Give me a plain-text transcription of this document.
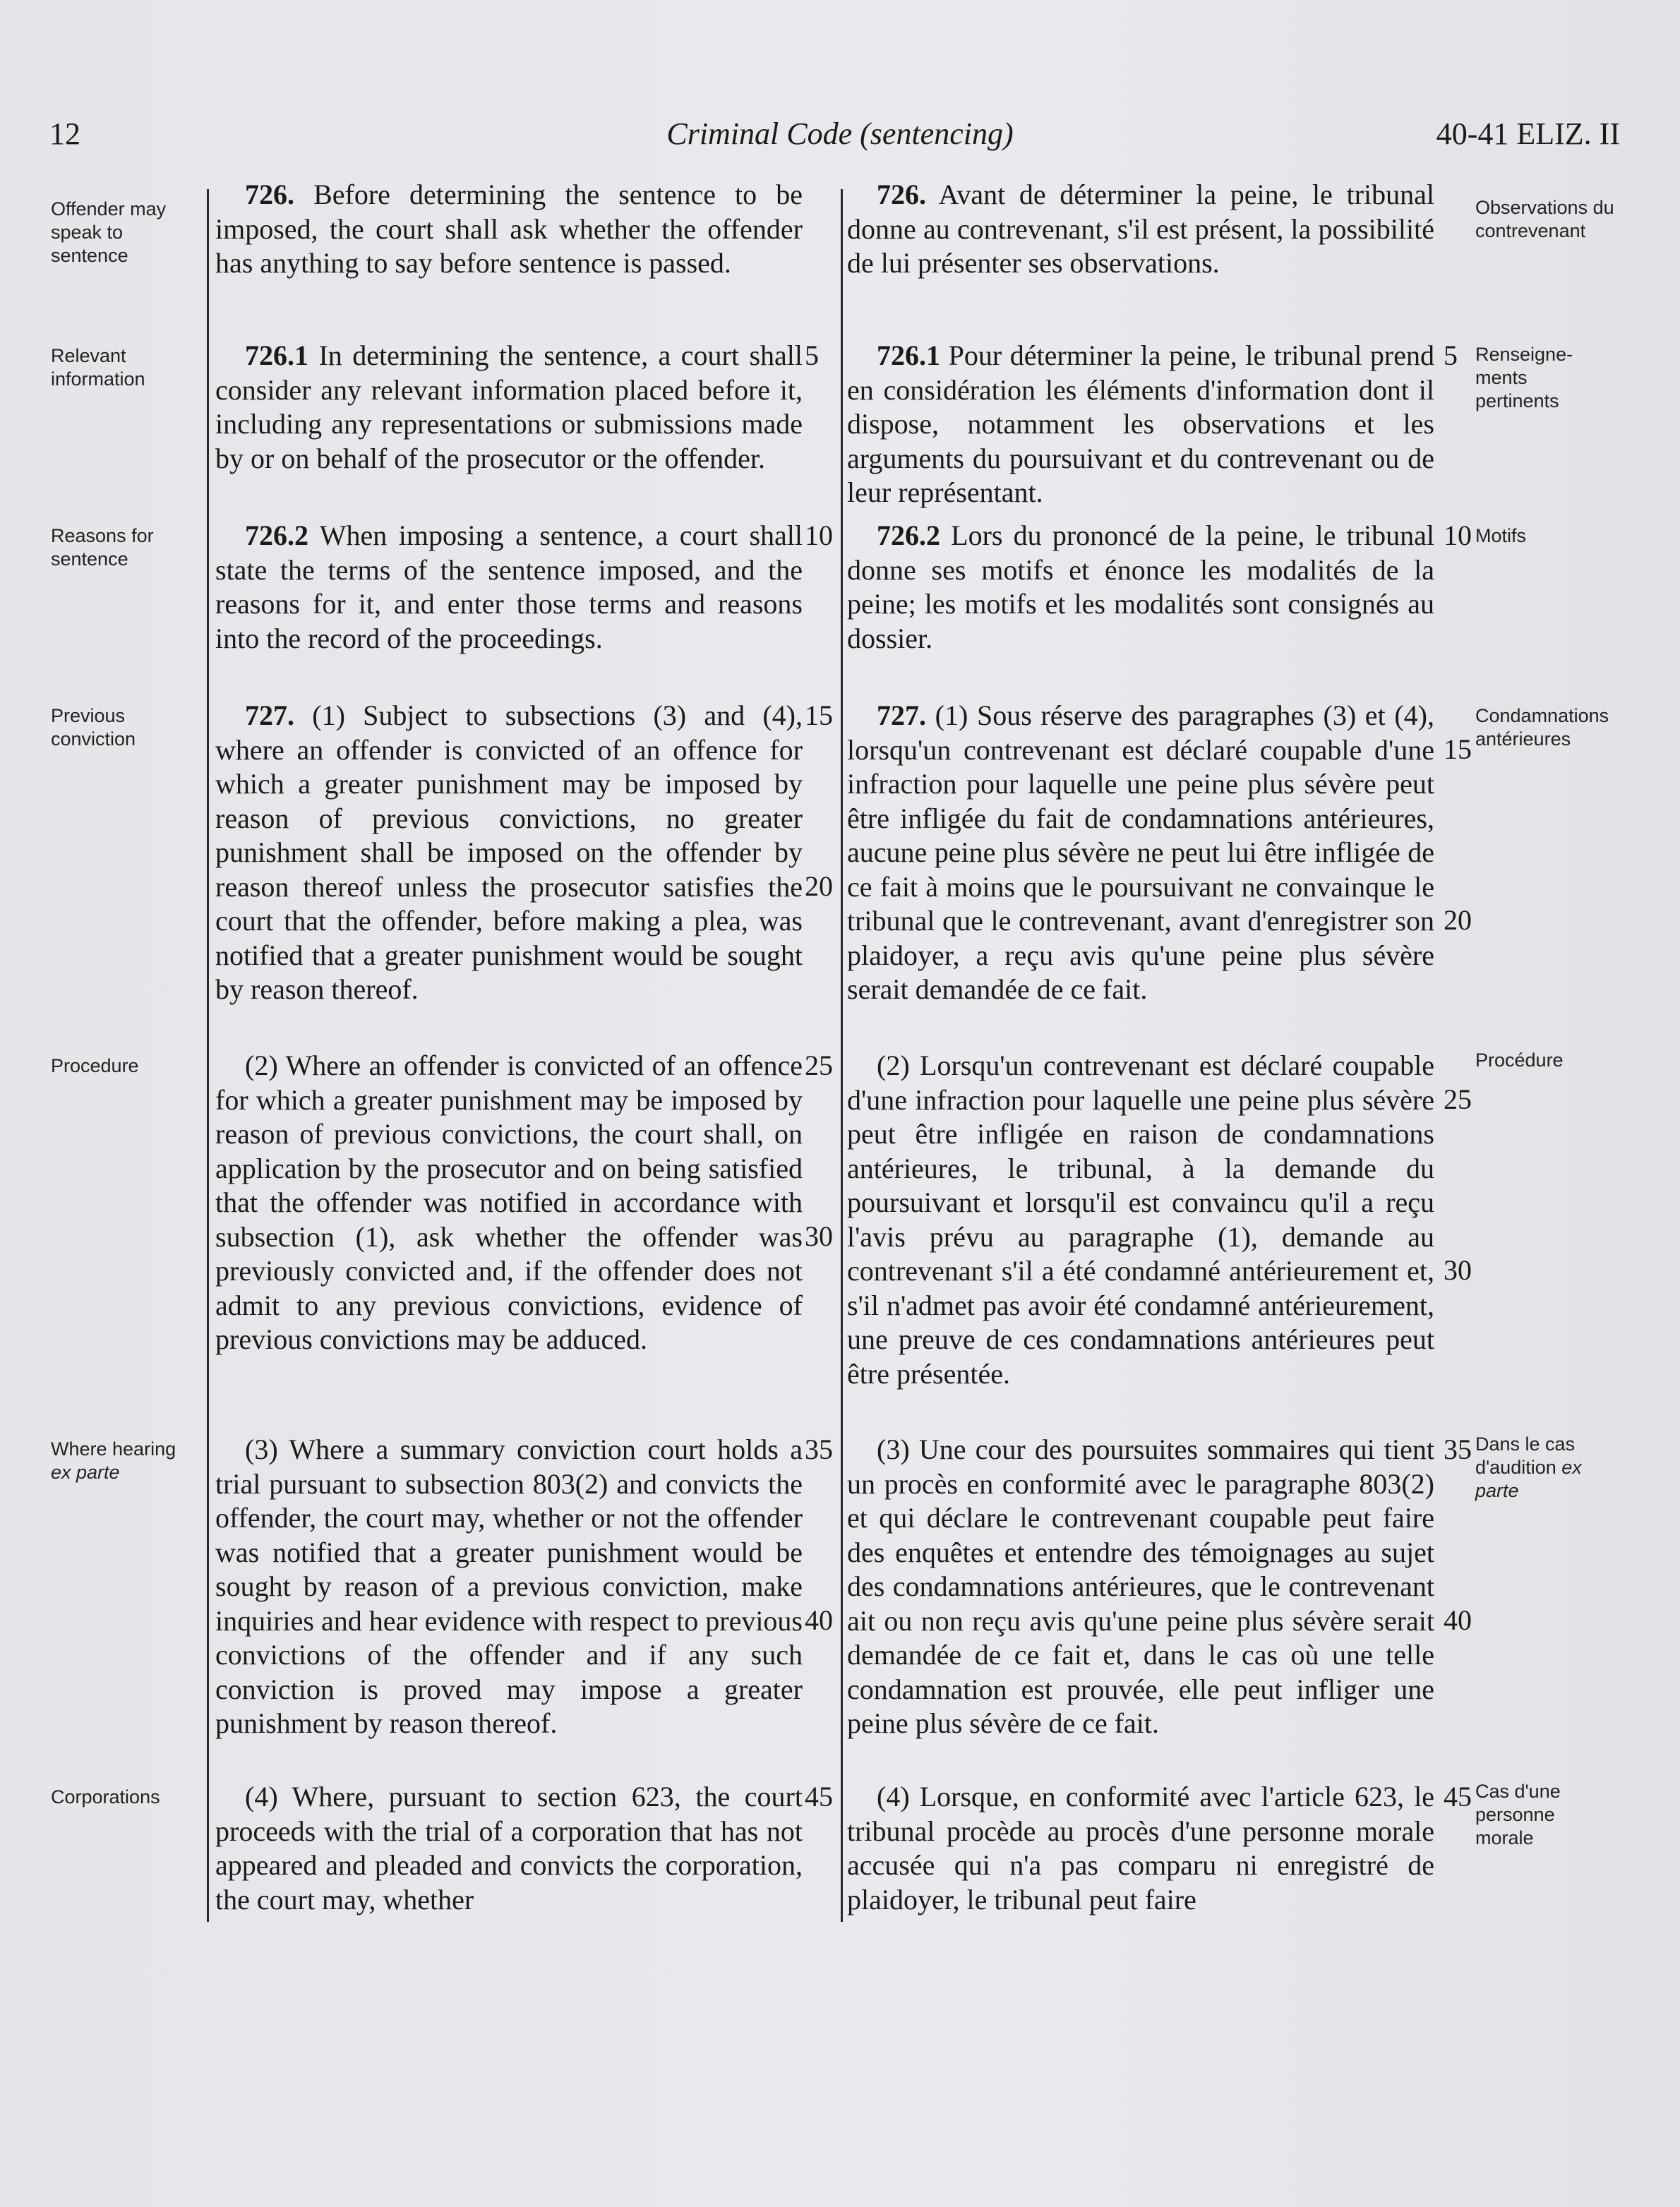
12	Criminal Code (sentencing)	40-41 ELIZ. II
Offender may speak to sentence
Relevant information
Reasons for sentence
Previous conviction
Procedure
Where hearing ex parte
Corporations

726. Before determining the sentence to be imposed, the court shall ask whether the offender has anything to say before sentence is passed.

726.1 In determining the sentence, a court shall consider any relevant information placed before it, including any representations or submissions made by or on behalf of the prosecutor or the offender.

726.2 When imposing a sentence, a court shall state the terms of the sentence imposed, and the reasons for it, and enter those terms and reasons into the record of the proceedings.

727. (1) Subject to subsections (3) and (4), where an offender is convicted of an offence for which a greater punishment may be imposed by reason of previous convictions, no greater punishment shall be imposed on the offender by reason thereof unless the prosecutor satisfies the court that the offender, before making a plea, was notified that a greater punishment would be sought by reason thereof.

(2) Where an offender is convicted of an offence for which a greater punishment may be imposed by reason of previous convictions, the court shall, on application by the prosecutor and on being satisfied that the offender was notified in accordance with subsection (1), ask whether the offender was previously convicted and, if the offender does not admit to any previous convictions, evidence of previous convictions may be adduced.

(3) Where a summary conviction court holds a trial pursuant to subsection 803(2) and convicts the offender, the court may, whether or not the offender was notified that a greater punishment would be sought by reason of a previous conviction, make inquiries and hear evidence with respect to previous convictions of the offender and if any such conviction is proved may impose a greater punishment by reason thereof.

(4) Where, pursuant to section 623, the court proceeds with the trial of a corporation that has not appeared and pleaded and convicts the corporation, the court may, whether

726. Avant de déterminer la peine, le tribunal donne au contrevenant, s'il est présent, la possibilité de lui présenter ses observations.

726.1 Pour déterminer la peine, le tribunal prend en considération les éléments d'information dont il dispose, notamment les observations et les arguments du poursuivant et du contrevenant ou de leur représentant.

726.2 Lors du prononcé de la peine, le tribunal donne ses motifs et énonce les modalités de la peine; les motifs et les modalités sont consignés au dossier.

727. (1) Sous réserve des paragraphes (3) et (4), lorsqu'un contrevenant est déclaré coupable d'une infraction pour laquelle une peine plus sévère peut être infligée du fait de condamnations antérieures, aucune peine plus sévère ne peut lui être infligée de ce fait à moins que le poursuivant ne convainque le tribunal que le contrevenant, avant d'enregistrer son plaidoyer, a reçu avis qu'une peine plus sévère serait demandée de ce fait.

(2) Lorsqu'un contrevenant est déclaré coupable d'une infraction pour laquelle une peine plus sévère peut être infligée en raison de condamnations antérieures, le tribunal, à la demande du poursuivant et lorsqu'il est convaincu qu'il a reçu l'avis prévu au paragraphe (1), demande au contrevenant s'il a été condamné antérieurement et, s'il n'admet pas avoir été condamné antérieurement, une preuve de ces condamnations antérieures peut être présentée.

(3) Une cour des poursuites sommaires qui tient un procès en conformité avec le paragraphe 803(2) et qui déclare le contrevenant coupable peut faire des enquêtes et entendre des témoignages au sujet des condamnations antérieures, que le contrevenant ait ou non reçu avis qu'une peine plus sévère serait demandée de ce fait et, dans le cas où une telle condamnation est prouvée, elle peut infliger une peine plus sévère de ce fait.

(4) Lorsque, en conformité avec l'article 623, le tribunal procède au procès d'une personne morale accusée qui n'a pas comparu ni enregistré de plaidoyer, le tribunal peut faire

5
10
15
20
25
30
35
40
45
5
10
15
20
25
30
35
40
45
Observations du contrevenant
Renseigne-ments pertinents
Motifs
Condamnations antérieures
Procédure
Dans le cas d'audition ex parte
Cas d'une personne morale
